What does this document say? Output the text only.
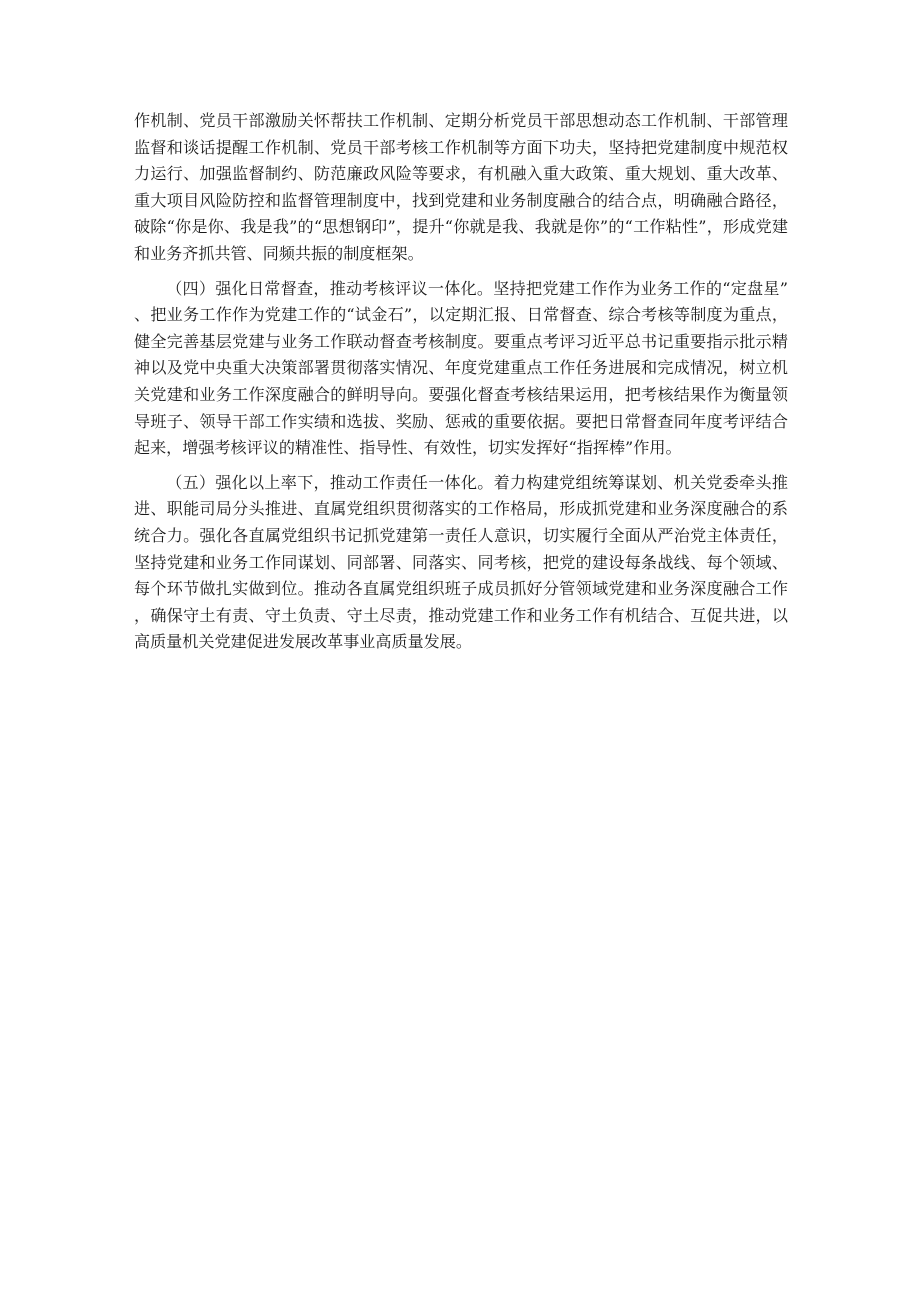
作机制、党员干部激励关怀帮扶工作机制、定期分析党员干部思想动态工作机制、干部管理监督和谈话提醒工作机制、党员干部考核工作机制等方面下功夫，坚持把党建制度中规范权力运行、加强监督制约、防范廉政风险等要求，有机融入重大政策、重大规划、重大改革、重大项目风险防控和监督管理制度中，找到党建和业务制度融合的结合点，明确融合路径，破除“你是你、我是我”的“思想钢印”，提升“你就是我、我就是你”的“工作粘性”，形成党建和业务齐抓共管、同频共振的制度框架。

（四）强化日常督查，推动考核评议一体化。坚持把党建工作作为业务工作的“定盘星”、把业务工作作为党建工作的“试金石”，以定期汇报、日常督查、综合考核等制度为重点，健全完善基层党建与业务工作联动督查考核制度。要重点考评习近平总书记重要指示批示精神以及党中央重大决策部署贯彻落实情况、年度党建重点工作任务进展和完成情况，树立机关党建和业务工作深度融合的鲜明导向。要强化督查考核结果运用，把考核结果作为衡量领导班子、领导干部工作实绩和选拔、奖励、惩戒的重要依据。要把日常督查同年度考评结合起来，增强考核评议的精准性、指导性、有效性，切实发挥好“指挥棒”作用。

（五）强化以上率下，推动工作责任一体化。着力构建党组统筹谋划、机关党委牵头推进、职能司局分头推进、直属党组织贯彻落实的工作格局，形成抓党建和业务深度融合的系统合力。强化各直属党组织书记抓党建第一责任人意识，切实履行全面从严治党主体责任，坚持党建和业务工作同谋划、同部署、同落实、同考核，把党的建设每条战线、每个领域、每个环节做扎实做到位。推动各直属党组织班子成员抓好分管领域党建和业务深度融合工作，确保守土有责、守土负责、守土尽责，推动党建工作和业务工作有机结合、互促共进，以高质量机关党建促进发展改革事业高质量发展。
